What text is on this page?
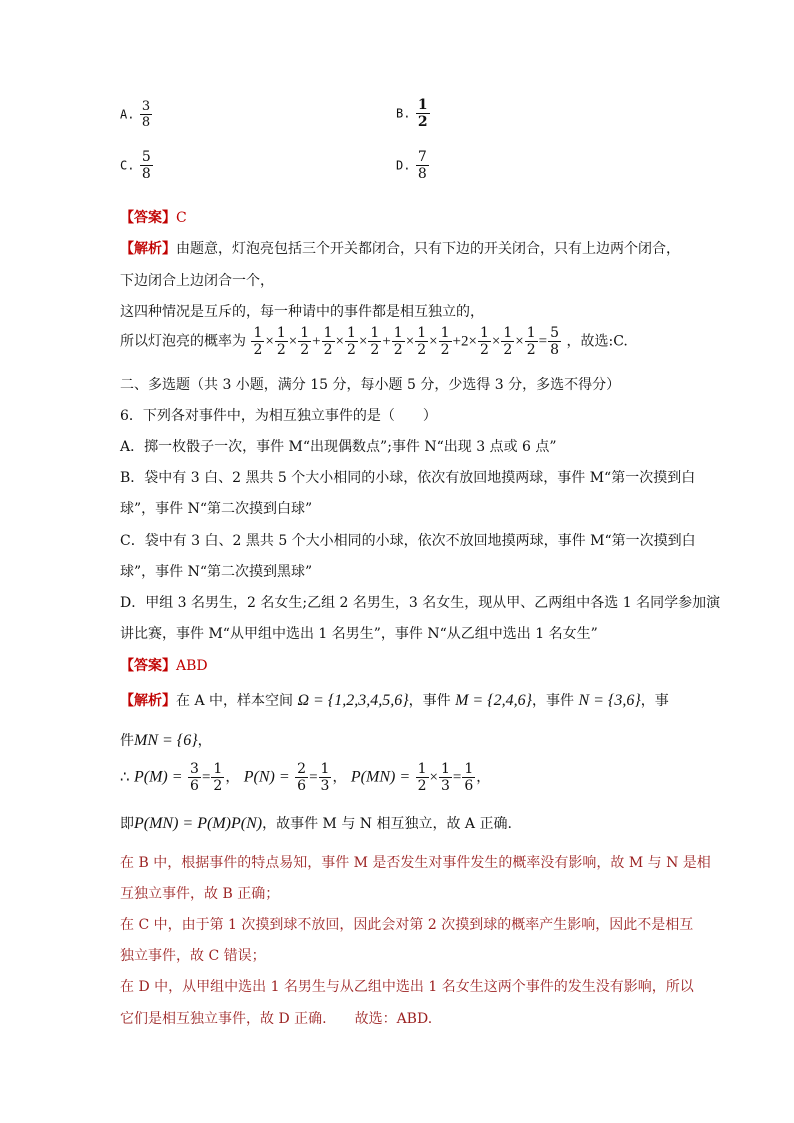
A. $\frac{3}{8}$	B. $\frac{1}{2}$
C. $\frac{5}{8}$	D. $\frac{7}{8}$
【答案】C
【解析】由题意，灯泡亮包括三个开关都闭合，只有下边的开关闭合，只有上边两个闭合，
下边闭合上边闭合一个，
这四种情况是互斥的，每一种请中的事件都是相互独立的，
所以灯泡亮的概率为 $\frac{1}{2} \times \frac{1}{2} \times \frac{1}{2} + \frac{1}{2} \times \frac{1}{2} \times \frac{1}{2} + \frac{1}{2} \times \frac{1}{2} \times \frac{1}{2} +2\times \frac{1}{2} \times \frac{1}{2} \times \frac{1}{2} = \frac{5}{8}$ ，故选:C.
二、多选题（共 3 小题，满分 15 分，每小题 5 分，少选得 3 分，多选不得分）
6．下列各对事件中，为相互独立事件的是（　　）
A．掷一枚骰子一次，事件 M“出现偶数点”;事件 N“出现 3 点或 6 点”
B．袋中有 3 白、2 黑共 5 个大小相同的小球，依次有放回地摸两球，事件 M“第一次摸到白
球”，事件 N“第二次摸到白球”
C．袋中有 3 白、2 黑共 5 个大小相同的小球，依次不放回地摸两球，事件 M“第一次摸到白
球”，事件 N“第二次摸到黑球”
D．甲组 3 名男生，2 名女生;乙组 2 名男生，3 名女生，现从甲、乙两组中各选 1 名同学参加演
讲比赛，事件 M“从甲组中选出 1 名男生”，事件 N“从乙组中选出 1 名女生”
【答案】ABD
【解析】在 A 中，样本空间 Ω = {1,2,3,4,5,6}，事件 M = {2,4,6}，事件 N = {3,6}，事
件MN = {6}，
∴ $P(M) = \frac{3}{6} = \frac{1}{2}$ ， $P(N) = \frac{2}{6} = \frac{1}{3}$ ， $P(MN) = \frac{1}{2} \times \frac{1}{3} = \frac{1}{6}$ ，
即P(MN) = P(M)P(N)，故事件 M 与 N 相互独立，故 A 正确.
在 B 中，根据事件的特点易知，事件 M 是否发生对事件发生的概率没有影响，故 M 与 N 是相
互独立事件，故 B 正确；
在 C 中，由于第 1 次摸到球不放回，因此会对第 2 次摸到球的概率产生影响，因此不是相互
独立事件，故 C 错误；
在 D 中，从甲组中选出 1 名男生与从乙组中选出 1 名女生这两个事件的发生没有影响，所以
它们是相互独立事件，故 D 正确.　　故选：ABD.
